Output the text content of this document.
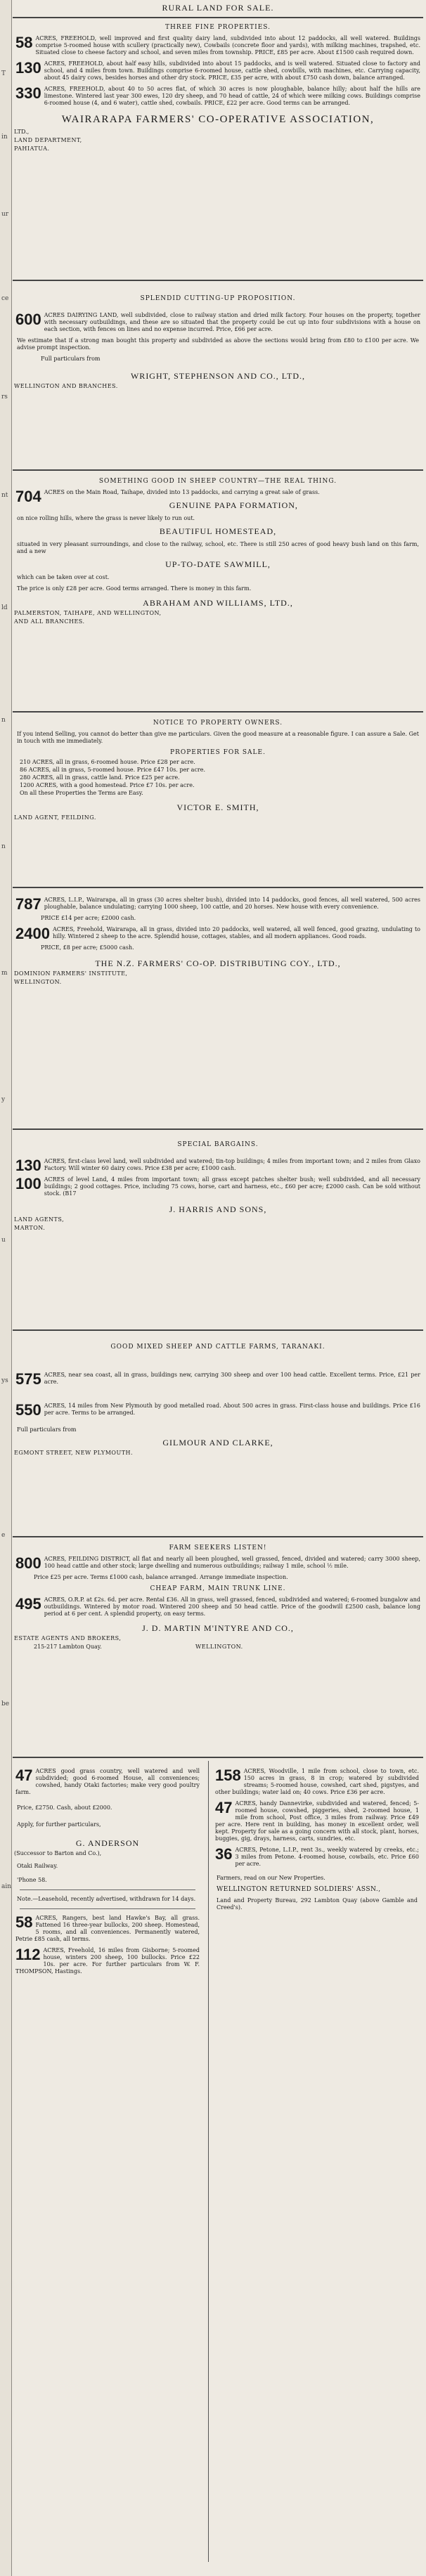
T
in
ur
ce
rs
nt
ld
n
n
m
y
u
ys
e
be
ain
RURAL LAND FOR SALE.
THREE FINE PROPERTIES.
58 ACRES, FREEHOLD, well improved and first quality dairy land, subdivided into about 12 paddocks, all well watered. Buildings comprise 5-roomed house with scullery (practically new), Cowbails (concrete floor and yards), with milking machines, trapshed, etc. Situated close to cheese factory and school, and seven miles from township. PRICE, £85 per acre. About £1500 cash required down.
130 ACRES, FREEHOLD, about half easy hills, subdivided into about 15 paddocks, and is well watered. Situated close to factory and school, and 4 miles from town. Buildings comprise 6-roomed house, cattle shed, cowbills, with machines, etc. Carrying capacity, about 45 dairy cows, besides horses and other dry stock. PRICE, £35 per acre, with about £750 cash down, balance arranged.
330 ACRES, FREEHOLD, about 40 to 50 acres flat, of which 30 acres is now ploughable, balance hilly; about half the hills are limestone. Wintered last year 300 ewes, 120 dry sheep, and 70 head of cattle, 24 of which were milking cows. Buildings comprise 6-roomed house (4, and 6 water), cattle shed, cowbails. PRICE, £22 per acre. Good terms can be arranged.
WAIRARAPA FARMERS' CO-OPERATIVE ASSOCIATION,
LTD.,
LAND DEPARTMENT,
PAHIATUA.
SPLENDID CUTTING-UP PROPOSITION.
600 ACRES DAIRYING LAND, well subdivided, close to railway station and dried milk factory. Four houses on the property, together with necessary outbuildings, and these are so situated that the property could be cut up into four subdivisions with a house on each section, with fences on lines and no expense incurred. Price, £66 per acre.
We estimate that if a strong man bought this property and subdivided as above the sections would bring from £80 to £100 per acre. We advise prompt inspection.
Full particulars from
WRIGHT, STEPHENSON AND CO., LTD.,
WELLINGTON AND BRANCHES.
SOMETHING GOOD IN SHEEP COUNTRY—THE REAL THING.
704 ACRES on the Main Road, Taihape, divided into 13 paddocks, and carrying a great sale of grass.
GENUINE PAPA FORMATION,
on nice rolling hills, where the grass is never likely to run out.
BEAUTIFUL HOMESTEAD,
situated in very pleasant surroundings, and close to the railway, school, etc. There is still 250 acres of good heavy bush land on this farm, and a new
UP-TO-DATE SAWMILL,
which can be taken over at cost.
The price is only £28 per acre. Good terms arranged. There is money in this farm.
ABRAHAM AND WILLIAMS, LTD.,
PALMERSTON, TAIHAPE, AND WELLINGTON,
AND ALL BRANCHES.
NOTICE TO PROPERTY OWNERS.
If you intend Selling, you cannot do better than give me particulars. Given the good measure at a reasonable figure. I can assure a Sale. Get in touch with me immediately.
PROPERTIES FOR SALE.
210 ACRES, all in grass, 6-roomed house. Price £28 per acre.
86 ACRES, all in grass, 5-roomed house. Price £47 10s. per acre.
280 ACRES, all in grass, cattle land. Price £25 per acre.
1200 ACRES, with a good homestead. Price £7 10s. per acre.
On all these Properties the Terms are Easy.
VICTOR E. SMITH,
LAND AGENT, FEILDING.
787 ACRES, L.I.P., Wairarapa, all in grass (30 acres shelter bush), divided into 14 paddocks, good fences, all well watered, 500 acres ploughable, balance undulating; carrying 1000 sheep, 100 cattle, and 20 horses. New house with every convenience.
PRICE £14 per acre; £2000 cash.
2400 ACRES, Freehold, Wairarapa, all in grass, divided into 20 paddocks, well watered, all well fenced, good grazing, undulating to hilly. Wintered 2 sheep to the acre. Splendid house, cottages, stables, and all modern appliances. Good roads.
PRICE, £8 per acre; £5000 cash.
THE N.Z. FARMERS' CO-OP. DISTRIBUTING COY., LTD.,
DOMINION FARMERS' INSTITUTE,
WELLINGTON.
SPECIAL BARGAINS.
130 ACRES, first-class level land, well subdivided and watered; tin-top buildings; 4 miles from important town; and 2 miles from Glaxo Factory. Will winter 60 dairy cows. Price £38 per acre; £1000 cash.
100 ACRES of level Land, 4 miles from important town; all grass except patches shelter bush; well subdivided, and all necessary buildings; 2 good cottages. Price, including 75 cows, horse, cart and harness, etc., £60 per acre; £2000 cash. Can be sold without stock. (B17
J. HARRIS AND SONS,
LAND AGENTS,
MARTON.
GOOD MIXED SHEEP AND CATTLE FARMS, TARANAKI.
575 ACRES, near sea coast, all in grass, buildings new, carrying 300 sheep and over 100 head cattle. Excellent terms. Price, £21 per acre.
550 ACRES, 14 miles from New Plymouth by good metalled road. About 500 acres in grass. First-class house and buildings. Price £16 per acre. Terms to be arranged.
Full particulars from
GILMOUR AND CLARKE,
EGMONT STREET, NEW PLYMOUTH.
FARM SEEKERS LISTEN!
800 ACRES, FEILDING DISTRICT, all flat and nearly all been ploughed, well grassed, fenced, divided and watered; carry 3000 sheep, 100 head cattle and other stock; large dwelling and numerous outbuildings; railway 1 mile, school ½ mile.
Price £25 per acre. Terms £1000 cash, balance arranged. Arrange immediate inspection.
CHEAP FARM, MAIN TRUNK LINE.
495 ACRES, O.R.P. at £2s. 6d. per acre. Rental £36. All in grass, well grassed, fenced, subdivided and watered; 6-roomed bungalow and outbuildings. Wintered by motor road. Wintered 200 sheep and 50 head cattle. Price of the goodwill £2500 cash, balance long period at 6 per cent. A splendid property, on easy terms.
J. D. MARTIN M'INTYRE AND CO.,
ESTATE AGENTS AND BROKERS,
215-217 Lambton Quay.	WELLINGTON.
47 ACRES good grass country, well watered and well subdivided; good 6-roomed House, all conveniences; cowshed, handy Otaki factories; make very good poultry farm.
Price, £2750. Cash, about £2000.
Apply, for further particulars,
G. ANDERSON
(Successor to Barton and Co.),
Otaki Railway.
'Phone 58.
Note.—Leasehold, recently advertised, withdrawn for 14 days.
58 ACRES, Rangers, best land Hawke's Bay, all grass. Fattened 16 three-year bullocks, 200 sheep. Homestead, 5 rooms, and all conveniences. Permanently watered, Petrie £85 cash, all terms.
112 ACRES, Freehold, 16 miles from Gisborne; 5-roomed house, winters 200 sheep, 100 bullocks. Price £22 10s. per acre. For further particulars from W. F. THOMPSON, Hastings.
158 ACRES, Woodville, 1 mile from school, close to town, etc. 150 acres in grass, 8 in crop; watered by subdivided streams; 5-roomed house, cowshed, cart shed, pigstyes, and other buildings; water laid on; 40 cows. Price £36 per acre.
47 ACRES, handy Dannevirke, subdivided and watered, fenced; 5-roomed house, cowshed, piggeries, shed, 2-roomed house, 1 mile from school, Post office, 3 miles from railway. Price £49 per acre. Here rent in building, has money in excellent order, well kept. Property for sale as a going concern with all stock, plant, horses, buggies, gig, drays, harness, carts, sundries, etc.
36 ACRES, Petone, L.I.P., rent 3s., weekly watered by creeks, etc.; 3 miles from Petone. 4-roomed house, cowbails, etc. Price £60 per acre.
Farmers, read on our New Properties.
WELLINGTON RETURNED SOLDIERS' ASSN.,
Land and Property Bureau, 292 Lambton Quay (above Gamble and Creed's).
